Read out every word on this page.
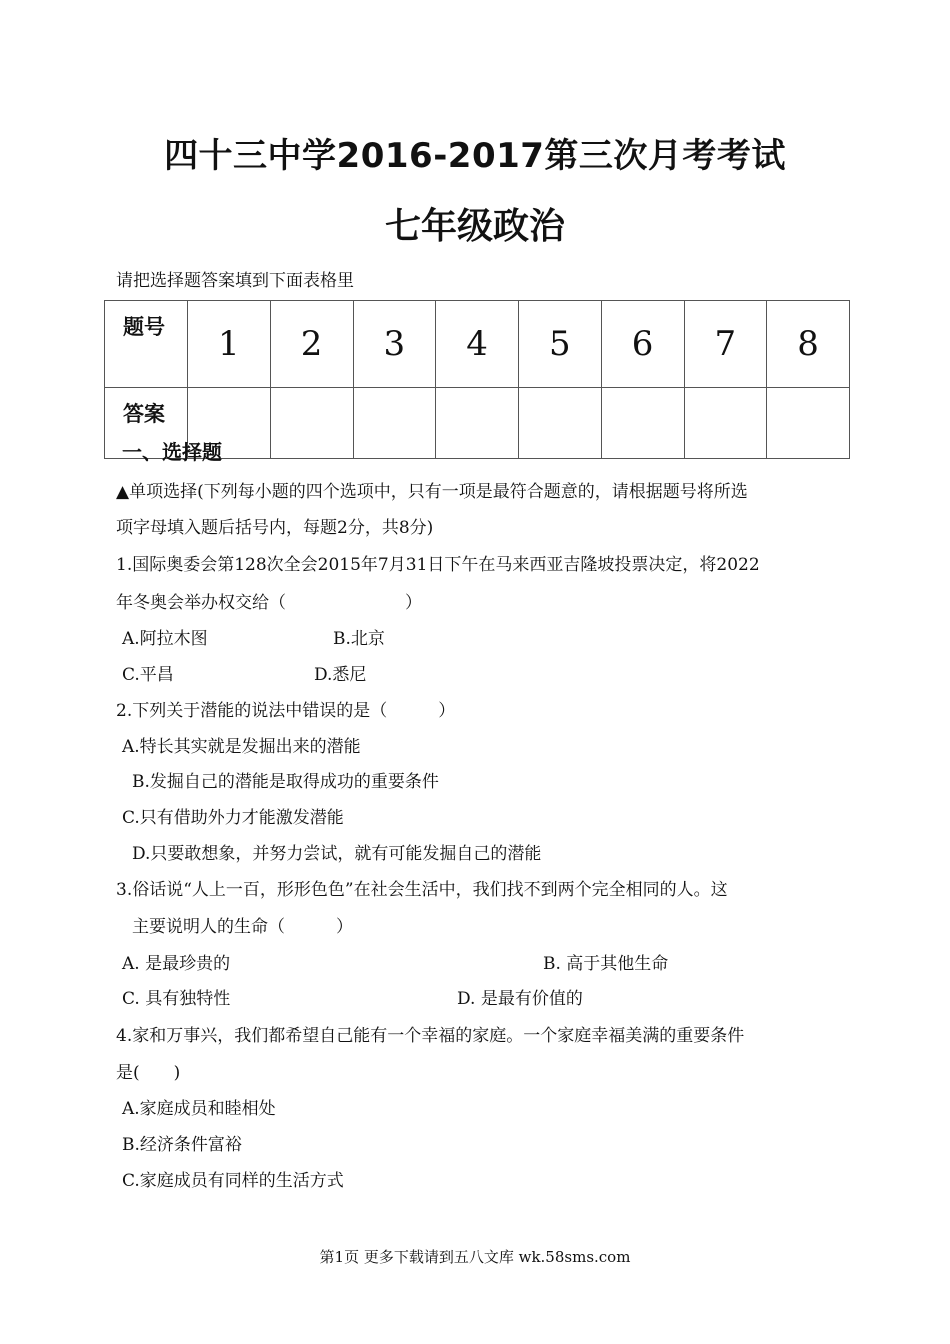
四十三中学2016-2017第三次月考考试
七年级政治
请把选择题答案填到下面表格里
题号	1	2	3	4	5	6	7	8
答案								
一、选择题
▲单项选择(下列每小题的四个选项中，只有一项是最符合题意的，请根据题号将所选
项字母填入题后括号内，每题2分，共8分)
1.国际奥委会第128次全会2015年7月31日下午在马来西亚吉隆坡投票决定，将2022
年冬奥会举办权交给（　　　　　　　）
A.阿拉木图	B.北京
C.平昌	D.悉尼
2.下列关于潜能的说法中错误的是（　　　）
A.特长其实就是发掘出来的潜能
B.发掘自己的潜能是取得成功的重要条件
C.只有借助外力才能激发潜能
D.只要敢想象，并努力尝试，就有可能发掘自己的潜能
3.俗话说“人上一百，形形色色”在社会生活中，我们找不到两个完全相同的人。这
主要说明人的生命（　　　）
A. 是最珍贵的	B. 高于其他生命
C. 具有独特性	D. 是最有价值的
4.家和万事兴，我们都希望自己能有一个幸福的家庭。一个家庭幸福美满的重要条件
是(　　)
A.家庭成员和睦相处
B.经济条件富裕
C.家庭成员有同样的生活方式
第1页 更多下载请到五八文库 wk.58sms.com
